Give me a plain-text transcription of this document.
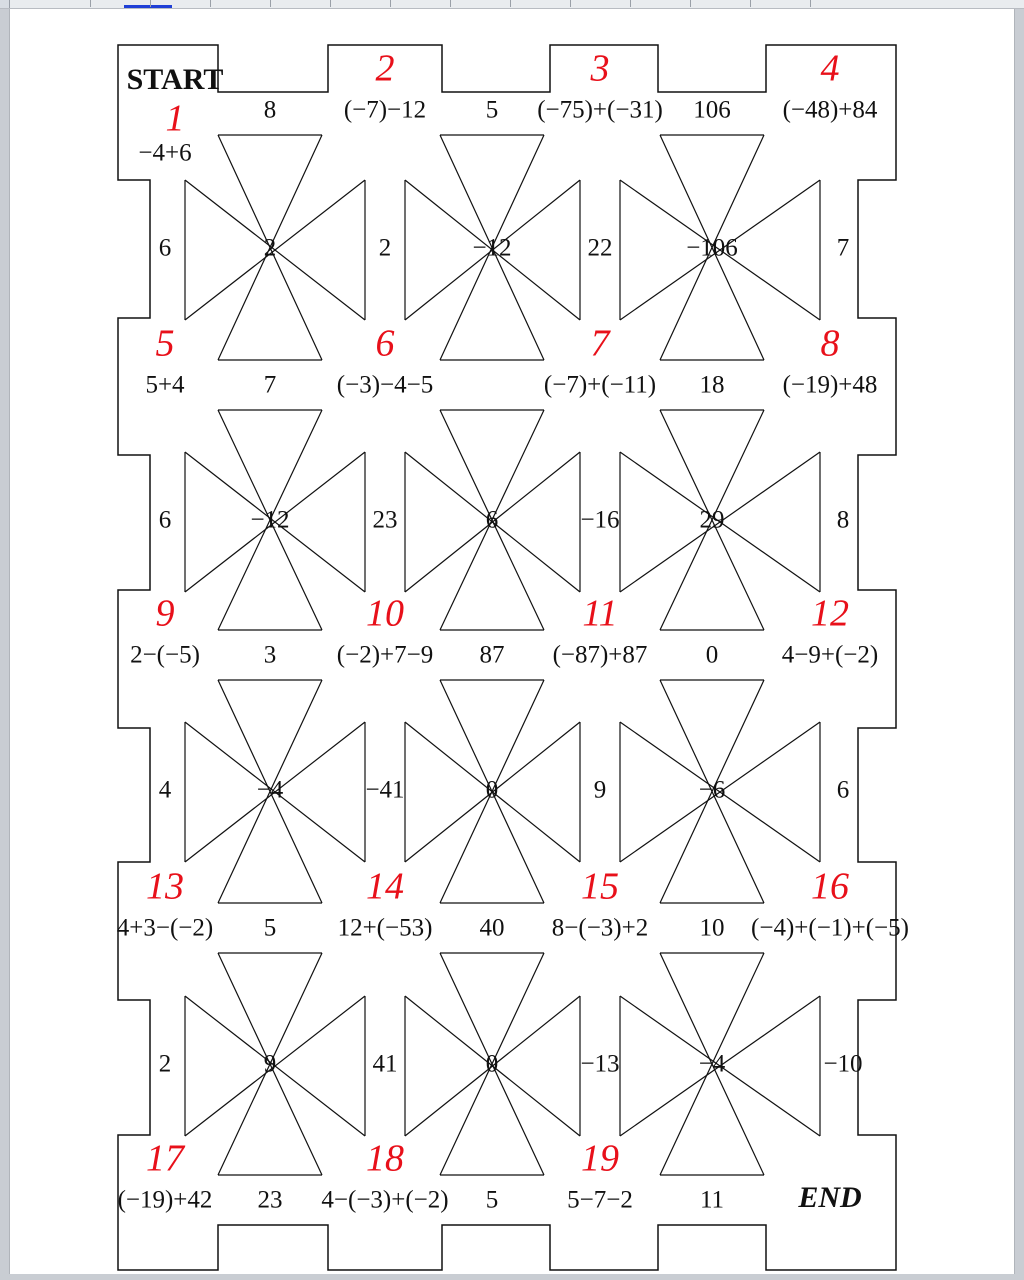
1
−4+6
2
(−7)−12
3
(−75)+(−31)
4
(−48)+84
5
5+4
6
(−3)−4−5
7
(−7)+(−11)
8
(−19)+48
9
2−(−5)
10
(−2)+7−9
11
(−87)+87
12
4−9+(−2)
13
4+3−(−2)
14
12+(−53)
15
8−(−3)+2
16
(−4)+(−1)+(−5)
17
(−19)+42
18
4−(−3)+(−2)
19
5−7−2
START
END
8	5	106
7	18
3	87	0
5	40	10
23	5	11
6	2	22	7
6	23	−16	8
4	−41	9	6
2	41	−13	−10
2	−12	−106
−12	6	29
−4	0	−6
9	0	−4
